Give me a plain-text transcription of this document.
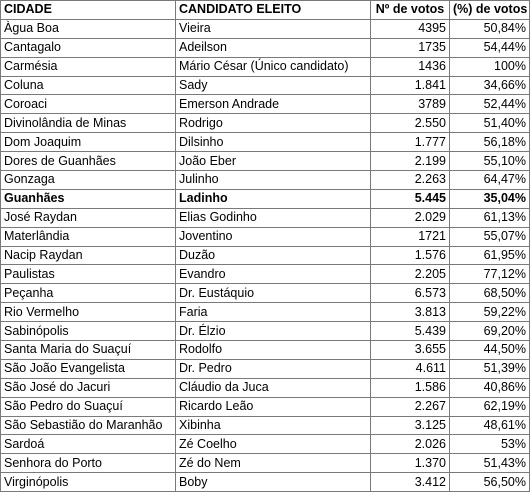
CIDADE	CANDIDATO ELEITO	Nº de votos	(%) de votos
Àgua Boa	Vieira	4395	50,84%
Cantagalo	Adeilson	1735	54,44%
Carmésia	Mário César (Único candidato)	1436	100%
Coluna	Sady	1.841	34,66%
Coroaci	Emerson Andrade	3789	52,44%
Divinolândia de Minas	Rodrigo	2.550	51,40%
Dom Joaquim	Dilsinho	1.777	56,18%
Dores de Guanhães	João Eber	2.199	55,10%
Gonzaga	Julinho	2.263	64,47%
Guanhães	Ladinho	5.445	35,04%
José Raydan	Elias Godinho	2.029	61,13%
Materlândia	Joventino	1721	55,07%
Nacip Raydan	Duzão	1.576	61,95%
Paulistas	Evandro	2.205	77,12%
Peçanha	Dr. Eustáquio	6.573	68,50%
Rio Vermelho	Faria	3.813	59,22%
Sabinópolis	Dr. Élzio	5.439	69,20%
Santa Maria do Suaçuí	Rodolfo	3.655	44,50%
São João Evangelista	Dr. Pedro	4.611	51,39%
São José do Jacuri	Cláudio da Juca	1.586	40,86%
São Pedro do Suaçuí	Ricardo Leão	2.267	62,19%
São Sebastião do Maranhão	Xibinha	3.125	48,61%
Sardoá	Zé Coelho	2.026	53%
Senhora do Porto	Zé do Nem	1.370	51,43%
Virginópolis	Boby	3.412	56,50%
